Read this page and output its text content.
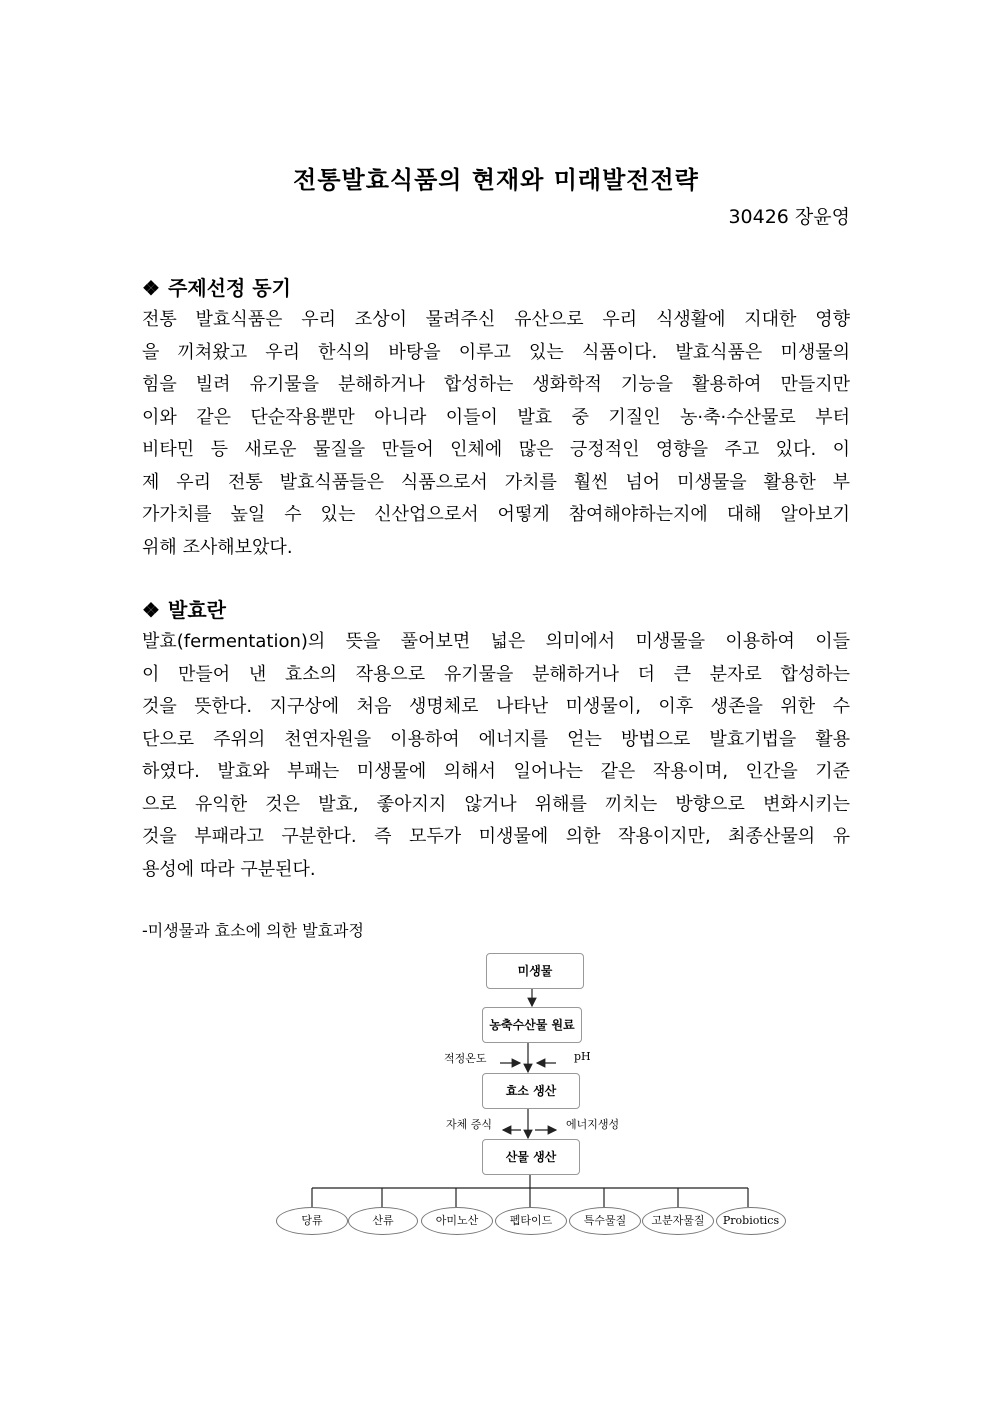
전통발효식품의 현재와 미래발전전략
30426 장윤영
❖ 주제선정 동기
전통 발효식품은 우리 조상이 물려주신 유산으로 우리 식생활에 지대한 영향
을 끼쳐왔고 우리 한식의 바탕을 이루고 있는 식품이다. 발효식품은 미생물의
힘을 빌려 유기물을 분해하거나 합성하는 생화학적 기능을 활용하여 만들지만
이와 같은 단순작용뿐만 아니라 이들이 발효 중 기질인 농·축·수산물로 부터
비타민 등 새로운 물질을 만들어 인체에 많은 긍정적인 영향을 주고 있다. 이
제 우리 전통 발효식품들은 식품으로서 가치를 훨씬 넘어 미생물을 활용한 부
가가치를 높일 수 있는 신산업으로서 어떻게 참여해야하는지에 대해 알아보기
위해 조사해보았다.
❖ 발효란
발효(fermentation)의 뜻을 풀어보면 넓은 의미에서 미생물을 이용하여 이들
이 만들어 낸 효소의 작용으로 유기물을 분해하거나 더 큰 분자로 합성하는
것을 뜻한다. 지구상에 처음 생명체로 나타난 미생물이, 이후 생존을 위한 수
단으로 주위의 천연자원을 이용하여 에너지를 얻는 방법으로 발효기법을 활용
하였다. 발효와 부패는 미생물에 의해서 일어나는 같은 작용이며, 인간을 기준
으로 유익한 것은 발효, 좋아지지 않거나 위해를 끼치는 방향으로 변화시키는
것을 부패라고 구분한다. 즉 모두가 미생물에 의한 작용이지만, 최종산물의 유
용성에 따라 구분된다.
-미생물과 효소에 의한 발효과정
미생물
농축수산물 원료
적정온도	pH
효소 생산
자체 증식	에너지생성
산물 생산
당류	산류	아미노산	펩타이드	특수물질	고분자물질	Probiotics
